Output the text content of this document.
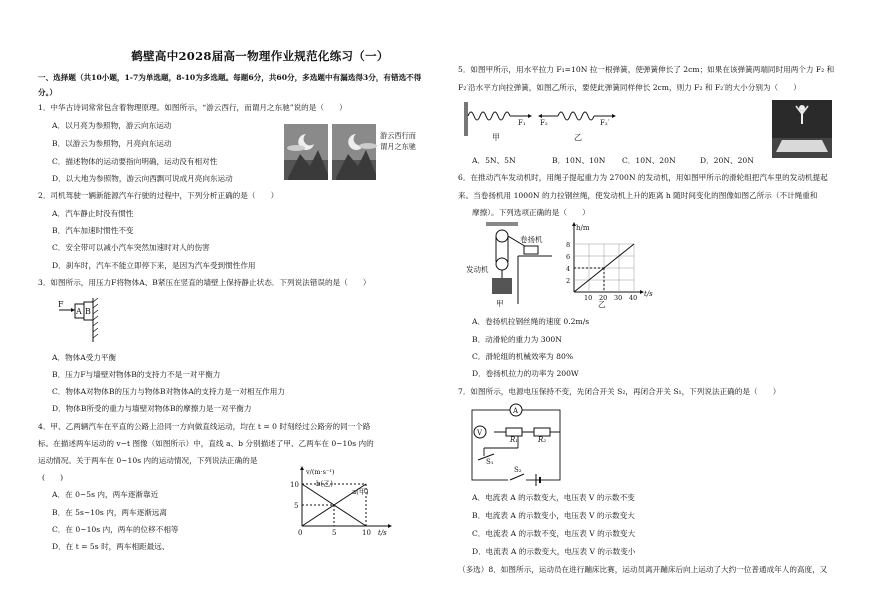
鹤壁高中2028届高一物理作业规范化练习（一）
一、选择题（共10小题，1-7为单选题，8-10为多选题。每题6分，共60分，多选题中有漏选得3分，有错选不得分。）
1．中华古诗词常常包含着物理原理。如图所示，“游云西行，而谓月之东驰”说的是（　　）
A．以月亮为参照物，游云向东运动
B．以游云为参照物，月亮向东运动
C．描述物体的运动要指向明确，运动没有相对性
D．以大地为参照物，游云向西飘可说成月亮向东运动
游云西行而谓月之东驰
2．司机驾驶一辆新能源汽车行驶的过程中，下列分析正确的是（　　）
A．汽车静止时没有惯性
B．汽车加速时惯性不变
C．安全带可以减小汽车突然加速时对人的伤害
D．刹车时，汽车不能立即停下来，是因为汽车受到惯性作用
3．如图所示，用压力F将物体A、B紧压在竖直的墙壁上保持静止状态．下列说法错误的是（　　）
F
A B
A．物体A受力平衡
B．压力F与墙壁对物体B的支持力不是一对平衡力
C．物体A对物体B的压力与物体B对物体A的支持力是一对相互作用力
D．物体B所受的重力与墙壁对物体B的摩擦力是一对平衡力
4．甲、乙两辆汽车在平直的公路上沿同一方向做直线运动，均在 t = 0 时刻经过公路旁的同一个路
标。在描述两车运动的 v−t 图像（如图所示）中，直线 a、b 分别描述了甲、乙两车在 0~10s 内的
运动情况。关于两车在 0~10s 内的运动情况，下列说法正确的是
(　　)
A．在 0~5s 内，两车逐渐靠近
B．在 5s~10s 内，两车逐渐远离
C．在 0~10s 内，两车的位移不相等
D．在 t = 5s 时，两车相距最远、
v/(m·s⁻¹)
b(乙)
a(甲)
10
5
0	5	10 t/s
5．如图甲所示，用水平拉力 F₁=10N 拉一根弹簧，使弹簧伸长了 2cm；如果在该弹簧两端同时用两个力 F₂ 和
F₂′沿水平方向拉弹簧，如图乙所示，要使此弹簧同样伸长 2cm，则力 F₂ 和 F₂′的大小分别为（　　）
F₁
甲
F₂	F₂′
乙
A．5N、5N	B．10N、10N C．10N、20N	D．20N、20N
6．在推动汽车发动机时，用绳子提起重力为 2700N 的发动机，用如图甲所示的滑轮组把汽车里的发动机提起
来。当卷扬机用 1000N 的力拉钢丝绳，使发动机上升的距离 h 随时间变化的图像如图乙所示（不计绳重和
摩擦）。下列选项正确的是（　　）
卷扬机
发动机
甲
h/m
8
6
4
2
10 20 30 40 t/s
乙
A．卷扬机拉钢丝绳的速度 0.2m/s
B．动滑轮的重力为 300N
C．滑轮组的机械效率为 80%
D．卷扬机拉力的功率为 200W
7．如图所示，电源电压保持不变，先闭合开关 S₂，再闭合开关 S₁，下列说法正确的是（　　）
A
V
R₁	R₂
S₁
S₂
A．电流表 A 的示数变大，电压表 V 的示数不变
B．电流表 A 的示数变小，电压表 V 的示数变大
C．电流表 A 的示数不变，电压表 V 的示数变大
D．电流表 A 的示数变大，电压表 V 的示数变小
（多选）8．如图所示，运动员在进行蹦床比赛，运动员离开蹦床后向上运动了大约一位普通成年人的高度，又
